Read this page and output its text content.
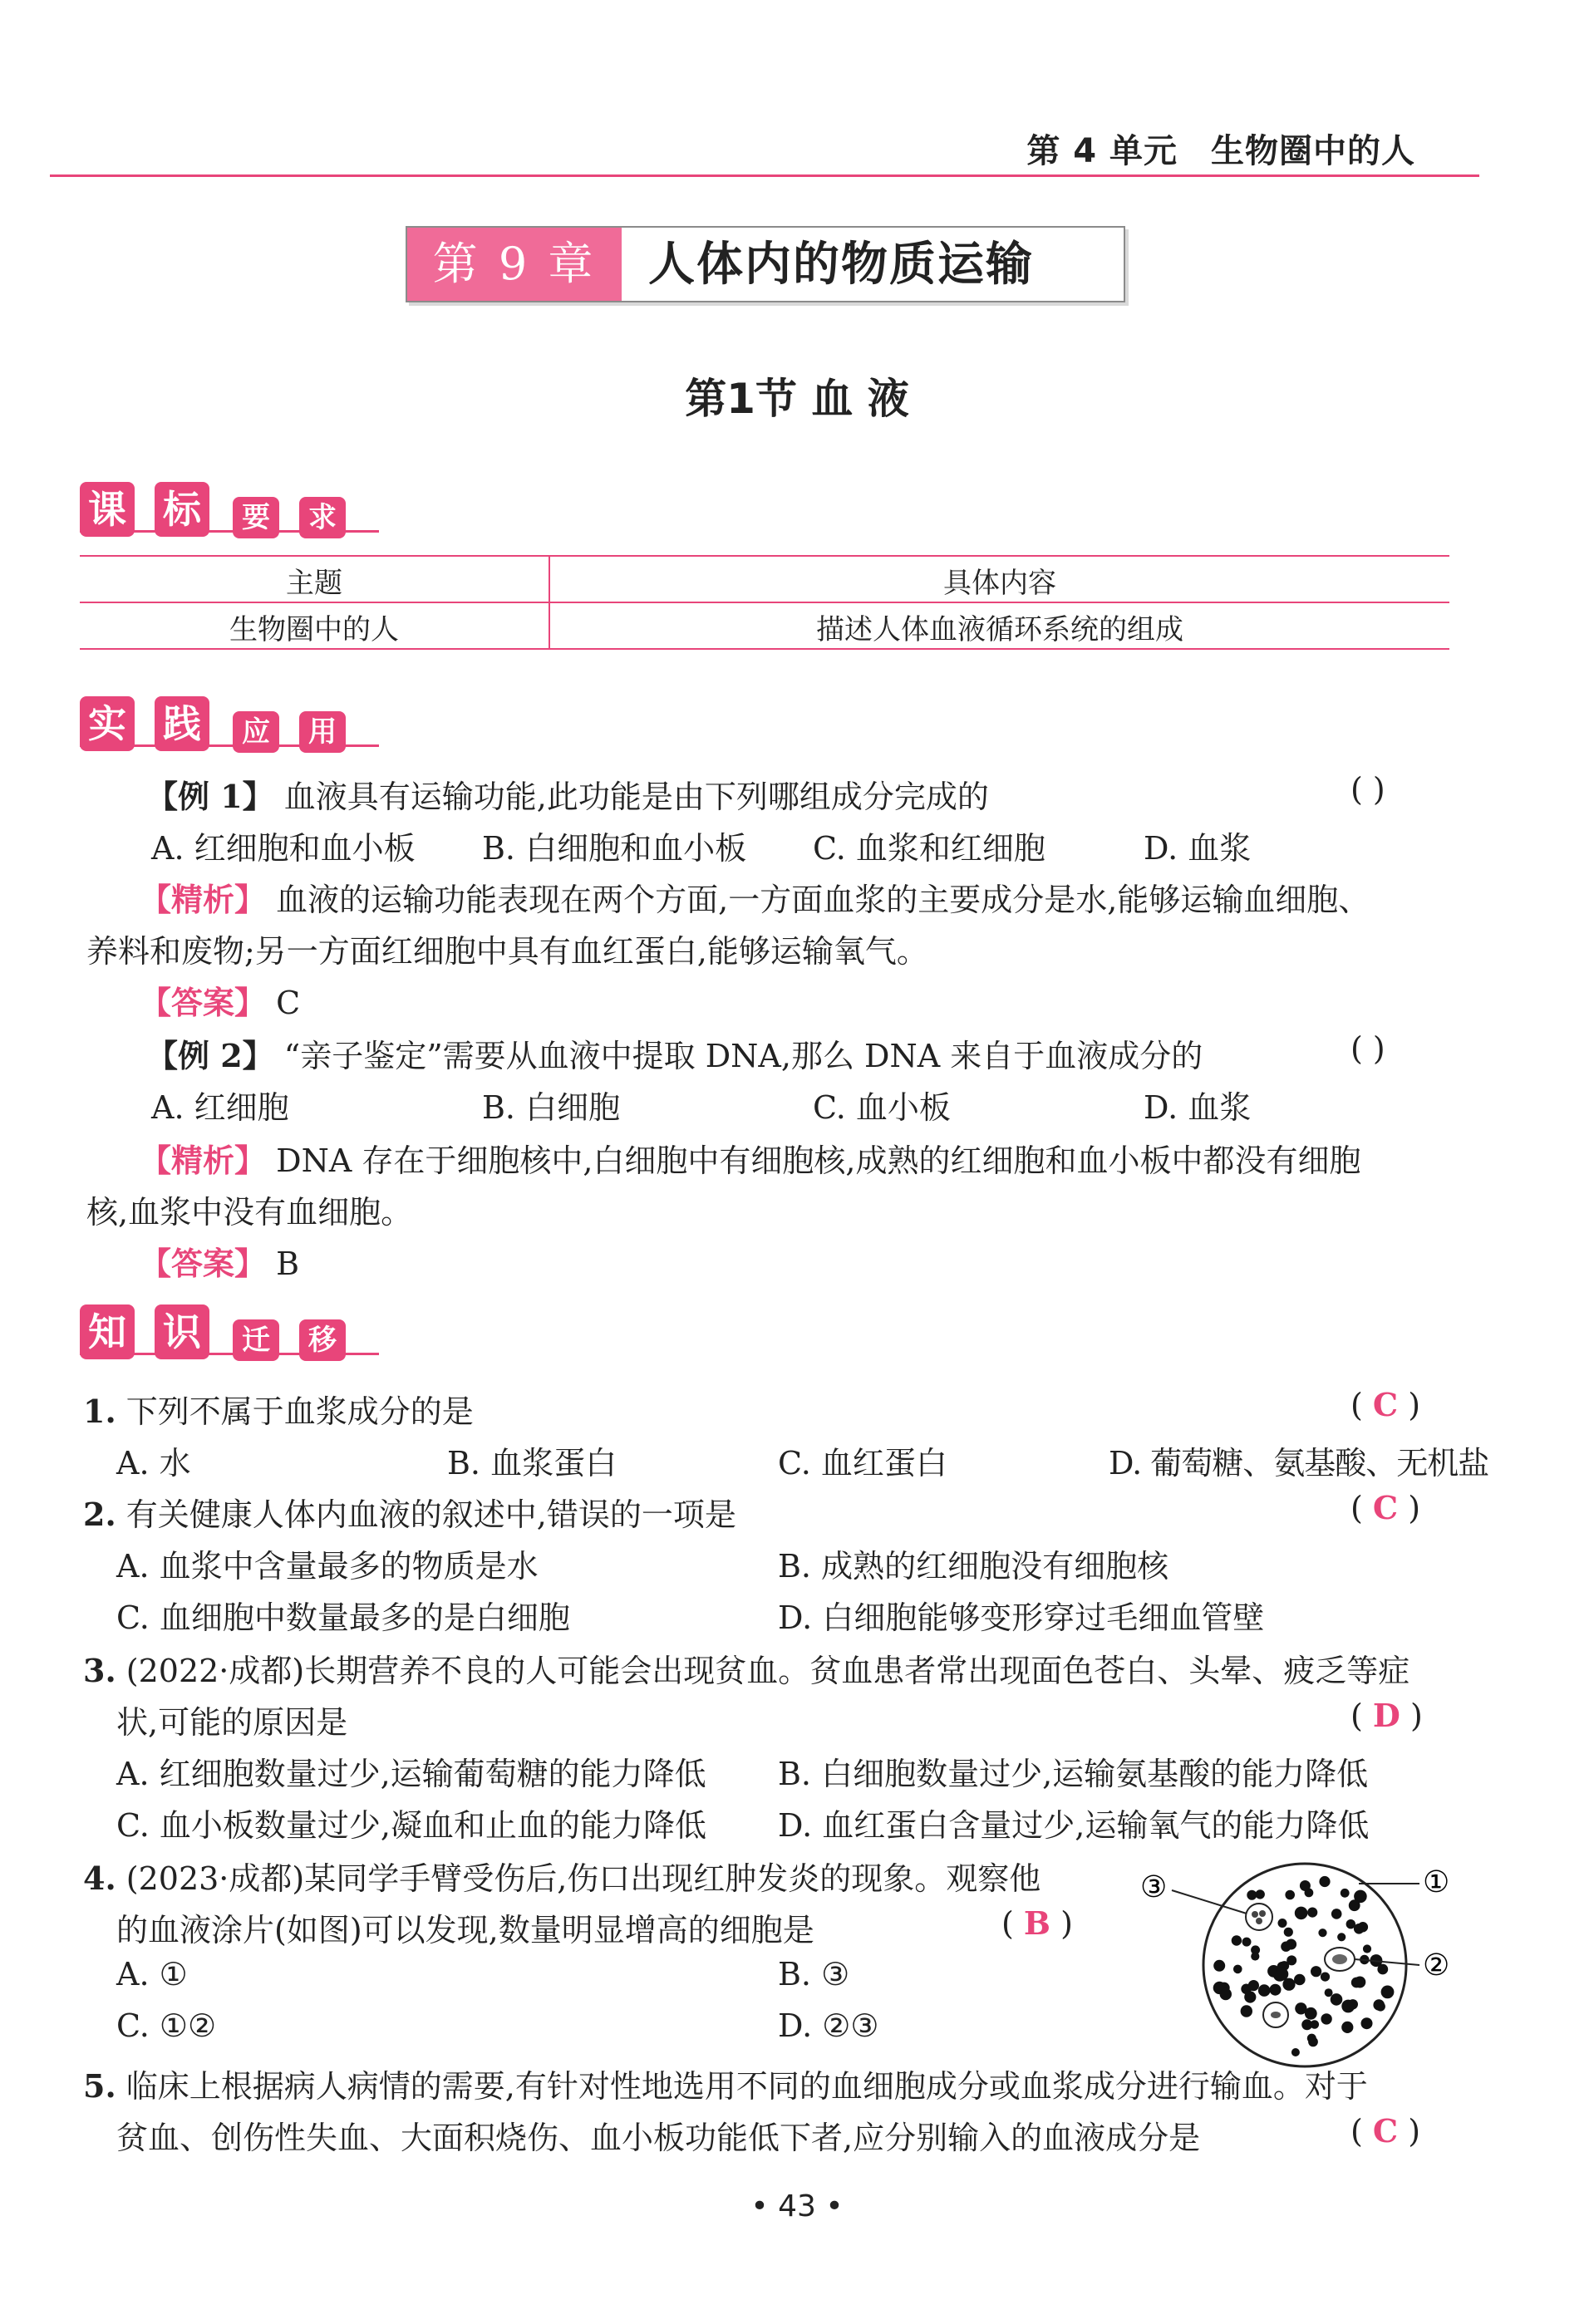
第 4 单元 生物圈中的人
第 9 章	人体内的物质运输
第1节 血 液
课 标	要	求
主题	具体内容
生物圈中的人	描述人体血液循环系统的组成
实 践	应	用
【例 1】 血液具有运输功能,此功能是由下列哪组成分完成的	( )
A. 红细胞和血小板 B. 白细胞和血小板 C. 血浆和红细胞	D. 血浆
【精析】 血液的运输功能表现在两个方面,一方面血浆的主要成分是水,能够运输血细胞、
养料和废物;另一方面红细胞中具有血红蛋白,能够运输氧气。
【答案】 C
【例 2】 “亲子鉴定”需要从血液中提取 DNA,那么 DNA 来自于血液成分的	( )
A. 红细胞	B. 白细胞	C. 血小板	D. 血浆
【精析】 DNA 存在于细胞核中,白细胞中有细胞核,成熟的红细胞和血小板中都没有细胞
核,血浆中没有血细胞。
【答案】 B
知 识	迁	移
1. 下列不属于血浆成分的是	( C )
A. 水	B. 血浆蛋白	C. 血红蛋白	D. 葡萄糖、氨基酸、无机盐
2. 有关健康人体内血液的叙述中,错误的一项是	( C )
A. 血浆中含量最多的物质是水	B. 成熟的红细胞没有细胞核
C. 血细胞中数量最多的是白细胞	D. 白细胞能够变形穿过毛细血管壁
3. (2022·成都)长期营养不良的人可能会出现贫血。贫血患者常出现面色苍白、头晕、疲乏等症
状,可能的原因是	( D )
A. 红细胞数量过少,运输葡萄糖的能力降低 B. 白细胞数量过少,运输氨基酸的能力降低
C. 血小板数量过少,凝血和止血的能力降低 D. 血红蛋白含量过少,运输氧气的能力降低
4. (2023·成都)某同学手臂受伤后,伤口出现红肿发炎的现象。观察他
的血液涂片(如图)可以发现,数量明显增高的细胞是	( B )
A. ①	B. ③
C. ①②	D. ②③
③	①
②
5. 临床上根据病人病情的需要,有针对性地选用不同的血细胞成分或血浆成分进行输血。对于
贫血、创伤性失血、大面积烧伤、血小板功能低下者,应分别输入的血液成分是	( C )
• 43 •
